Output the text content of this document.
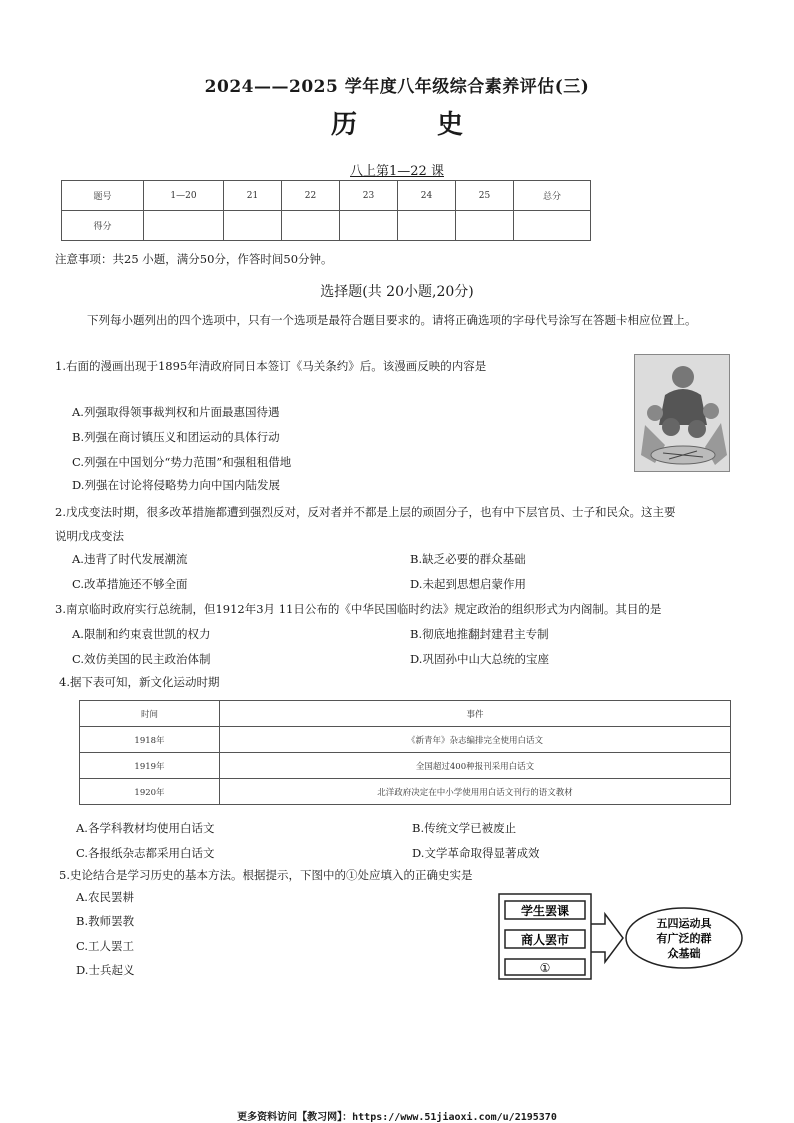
2024——2025 学年度八年级综合素养评估(三)
历史
八上第1—22 课
题号	1—20	21	22	23	24	25	总分
得分							
注意事项：共25 小题，满分50分，作答时间50分钟。
选择题(共 20小题,20分)
下列每小题列出的四个选项中，只有一个选项是最符合题目要求的。请将正确选项的字母代号涂写在答题卡相应位置上。
1.右面的漫画出现于1895年清政府同日本签订《马关条约》后。该漫画反映的内容是
A.列强取得领事裁判权和片面最惠国待遇
B.列强在商讨镇压义和团运动的具体行动
C.列强在中国划分“势力范围”和强租租借地
D.列强在讨论将侵略势力向中国内陆发展
2.戊戌变法时期，很多改革措施都遭到强烈反对，反对者并不都是上层的顽固分子，也有中下层官员、士子和民众。这主要
说明戊戌变法
A.违背了时代发展潮流	B.缺乏必要的群众基础
C.改革措施还不够全面	D.未起到思想启蒙作用
3.南京临时政府实行总统制，但1912年3月 11日公布的《中华民国临时约法》规定政治的组织形式为内阁制。其目的是
A.限制和约束袁世凯的权力	B.彻底地推翻封建君主专制
C.效仿美国的民主政治体制	D.巩固孙中山大总统的宝座
4.据下表可知，新文化运动时期
时间	事件
1918年	《新青年》杂志编排完全使用白话文
1919年	全国超过400种报刊采用白话文
1920年	北洋政府决定在中小学使用用白话文刊行的语文教材
A.各学科教材均使用白话文	B.传统文学已被废止
C.各报纸杂志都采用白话文	D.文学革命取得显著成效
5.史论结合是学习历史的基本方法。根据提示，下图中的①处应填入的正确史实是
A.农民罢耕
B.教师罢教
C.工人罢工
D.士兵起义
学生罢课
商人罢市
①
五四运动具
有广泛的群
众基础
更多资料访问【教习网】：https://www.51jiaoxi.com/u/2195370
